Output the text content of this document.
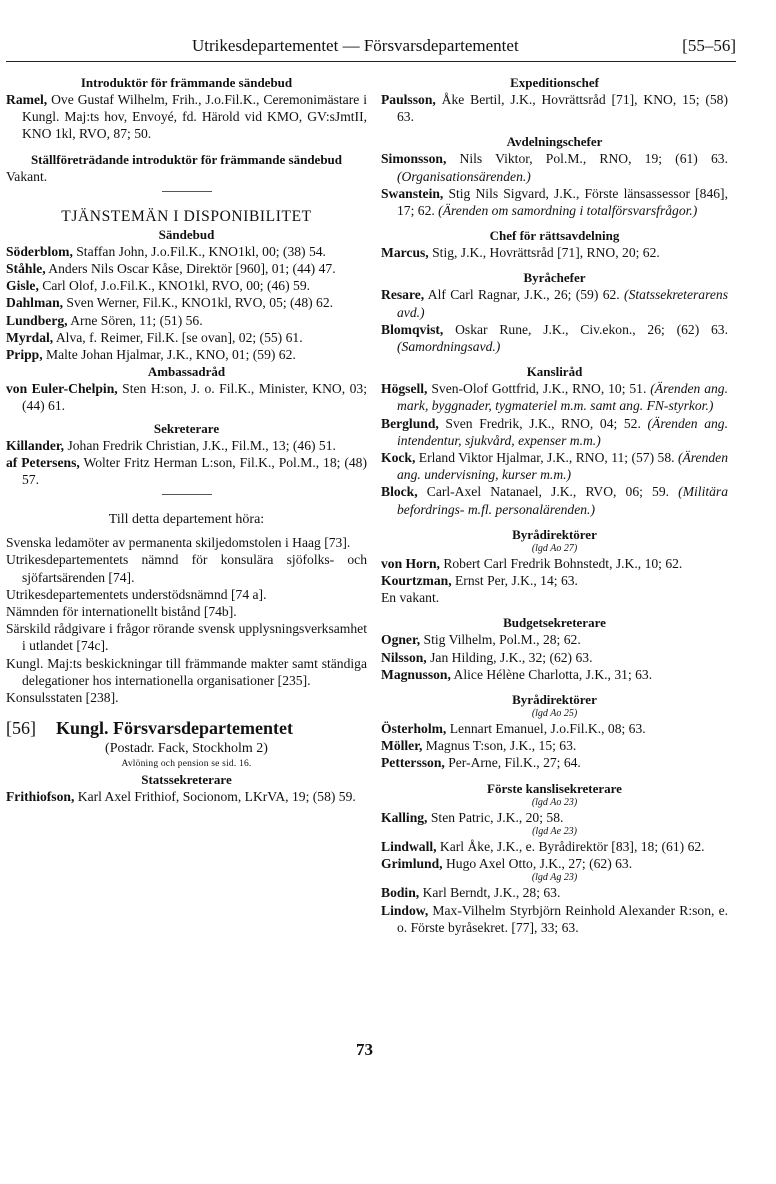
Utrikesdepartementet — Försvarsdepartementet	[55–56]
Introduktör för främmande sändebud
Ramel, Ove Gustaf Wilhelm, Frih., J.o.Fil.K., Ceremonimästare i Kungl. Maj:ts hov, Envoyé, fd. Härold vid KMO, GV:sJmtII, KNO 1kl, RVO, 87; 50.
Ställföreträdande introduktör för främmande sändebud
Vakant.
TJÄNSTEMÄN I DISPONIBILITET
Sändebud
Söderblom, Staffan John, J.o.Fil.K., KNO1kl, 00; (38) 54.
Ståhle, Anders Nils Oscar Kåse, Direktör [960], 01; (44) 47.
Gisle, Carl Olof, J.o.Fil.K., KNO1kl, RVO, 00; (46) 59.
Dahlman, Sven Werner, Fil.K., KNO1kl, RVO, 05; (48) 62.
Lundberg, Arne Sören, 11; (51) 56.
Myrdal, Alva, f. Reimer, Fil.K. [se ovan], 02; (55) 61.
Pripp, Malte Johan Hjalmar, J.K., KNO, 01; (59) 62.
Ambassadråd
von Euler-Chelpin, Sten H:son, J. o. Fil.K., Minister, KNO, 03; (44) 61.
Sekreterare
Killander, Johan Fredrik Christian, J.K., Fil.M., 13; (46) 51.
af Petersens, Wolter Fritz Herman L:son, Fil.K., Pol.M., 18; (48) 57.
Till detta departement höra:
Svenska ledamöter av permanenta skiljedomstolen i Haag [73].
Utrikesdepartementets nämnd för konsulära sjöfolks- och sjöfartsärenden [74].
Utrikesdepartementets understödsnämnd [74 a].
Nämnden för internationellt bistånd [74b].
Särskild rådgivare i frågor rörande svensk upplysningsverksamhet i utlandet [74c].
Kungl. Maj:ts beskickningar till främmande makter samt ständiga delegationer hos internationella organisationer [235].
Konsulsstaten [238].
[56] Kungl. Försvarsdepartementet
(Postadr. Fack, Stockholm 2)
Avlöning och pension se sid. 16.
Statssekreterare
Frithiofson, Karl Axel Frithiof, Socionom, LKrVA, 19; (58) 59.
Expeditionschef
Paulsson, Åke Bertil, J.K., Hovrättsråd [71], KNO, 15; (58) 63.
Avdelningschefer
Simonsson, Nils Viktor, Pol.M., RNO, 19; (61) 63. (Organisationsärenden.)
Swanstein, Stig Nils Sigvard, J.K., Förste länsassessor [846], 17; 62. (Ärenden om samordning i totalförsvarsfrågor.)
Chef för rättsavdelning
Marcus, Stig, J.K., Hovrättsråd [71], RNO, 20; 62.
Byråchefer
Resare, Alf Carl Ragnar, J.K., 26; (59) 62. (Statssekreterarens avd.)
Blomqvist, Oskar Rune, J.K., Civ.ekon., 26; (62) 63. (Samordningsavd.)
Kansliråd
Högsell, Sven-Olof Gottfrid, J.K., RNO, 10; 51. (Ärenden ang. mark, byggnader, tygmateriel m.m. samt ang. FN-styrkor.)
Berglund, Sven Fredrik, J.K., RNO, 04; 52. (Ärenden ang. intendentur, sjukvård, expenser m.m.)
Kock, Erland Viktor Hjalmar, J.K., RNO, 11; (57) 58. (Ärenden ang. undervisning, kurser m.m.)
Block, Carl-Axel Natanael, J.K., RVO, 06; 59. (Militära befordrings- m.fl. personalärenden.)
Byrådirektörer
(lgd Ao 27)
von Horn, Robert Carl Fredrik Bohnstedt, J.K., 10; 62.
Kourtzman, Ernst Per, J.K., 14; 63.
En vakant.
Budgetsekreterare
Ogner, Stig Vilhelm, Pol.M., 28; 62.
Nilsson, Jan Hilding, J.K., 32; (62) 63.
Magnusson, Alice Hélène Charlotta, J.K., 31; 63.
Byrådirektörer
(lgd Ao 25)
Österholm, Lennart Emanuel, J.o.Fil.K., 08; 63.
Möller, Magnus T:son, J.K., 15; 63.
Pettersson, Per-Arne, Fil.K., 27; 64.
Förste kanslisekreterare
(lgd Ao 23)
Kalling, Sten Patric, J.K., 20; 58.
(lgd Ae 23)
Lindwall, Karl Åke, J.K., e. Byrådirektör [83], 18; (61) 62.
Grimlund, Hugo Axel Otto, J.K., 27; (62) 63.
(lgd Ag 23)
Bodin, Karl Berndt, J.K., 28; 63.
Lindow, Max-Vilhelm Styrbjörn Reinhold Alexander R:son, e. o. Förste byråsekret. [77], 33; 63.
73
